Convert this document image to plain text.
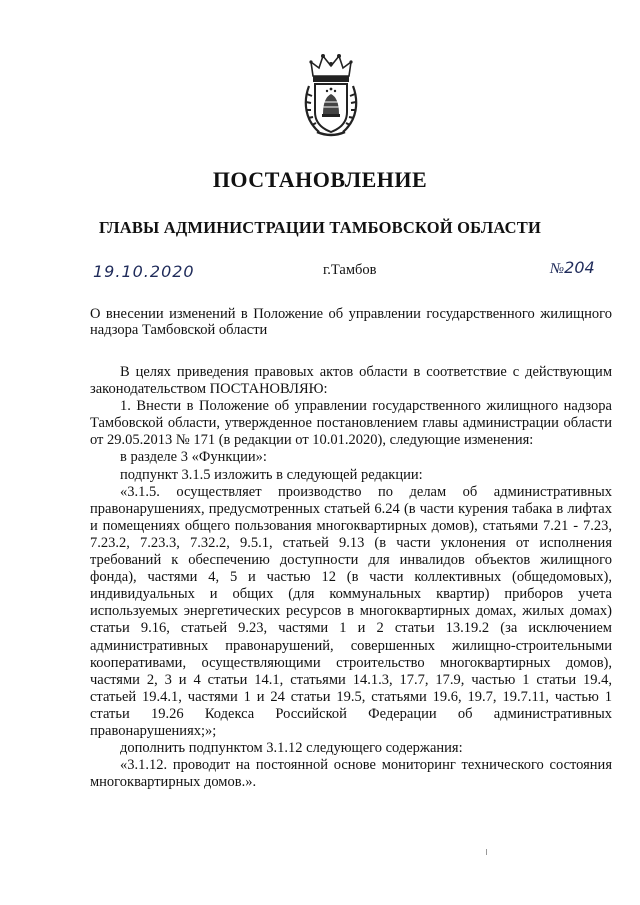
ПОСТАНОВЛЕНИЕ
ГЛАВЫ АДМИНИСТРАЦИИ ТАМБОВСКОЙ ОБЛАСТИ
19.10.2020	г.Тамбов	№204
О внесении изменений в Положение об управлении государственного жилищного надзора Тамбовской области

В целях приведения правовых актов области в соответствие с действующим законодательством ПОСТАНОВЛЯЮ:

1. Внести в Положение об управлении государственного жилищного надзора Тамбовской области, утвержденное постановлением главы администрации области от 29.05.2013 № 171 (в редакции от 10.01.2020), следующие изменения:

в разделе 3 «Функции»:

подпункт 3.1.5 изложить в следующей редакции:

«3.1.5. осуществляет производство по делам об административных правонарушениях, предусмотренных статьей 6.24 (в части курения табака в лифтах и помещениях общего пользования многоквартирных домов), статьями 7.21 - 7.23, 7.23.2, 7.23.3, 7.32.2, 9.5.1, статьей 9.13 (в части уклонения от исполнения требований к обеспечению доступности для инвалидов объектов жилищного фонда), частями 4, 5 и частью 12 (в части коллективных (общедомовых), индивидуальных и общих (для коммунальных квартир) приборов учета используемых энергетических ресурсов в многоквартирных домах, жилых домах) статьи 9.16, статьей 9.23, частями 1 и 2 статьи 13.19.2 (за исключением административных правонарушений, совершенных жилищно-строительными кооперативами, осуществляющими строительство многоквартирных домов), частями 2, 3 и 4 статьи 14.1, статьями 14.1.3, 17.7, 17.9, частью 1 статьи 19.4, статьей 19.4.1, частями 1 и 24 статьи 19.5, статьями 19.6, 19.7, 19.7.11, частью 1 статьи 19.26 Кодекса Российской Федерации об административных правонарушениях;»;

дополнить подпунктом 3.1.12 следующего содержания:

«3.1.12. проводит на постоянной основе мониторинг технического состояния многоквартирных домов.».
